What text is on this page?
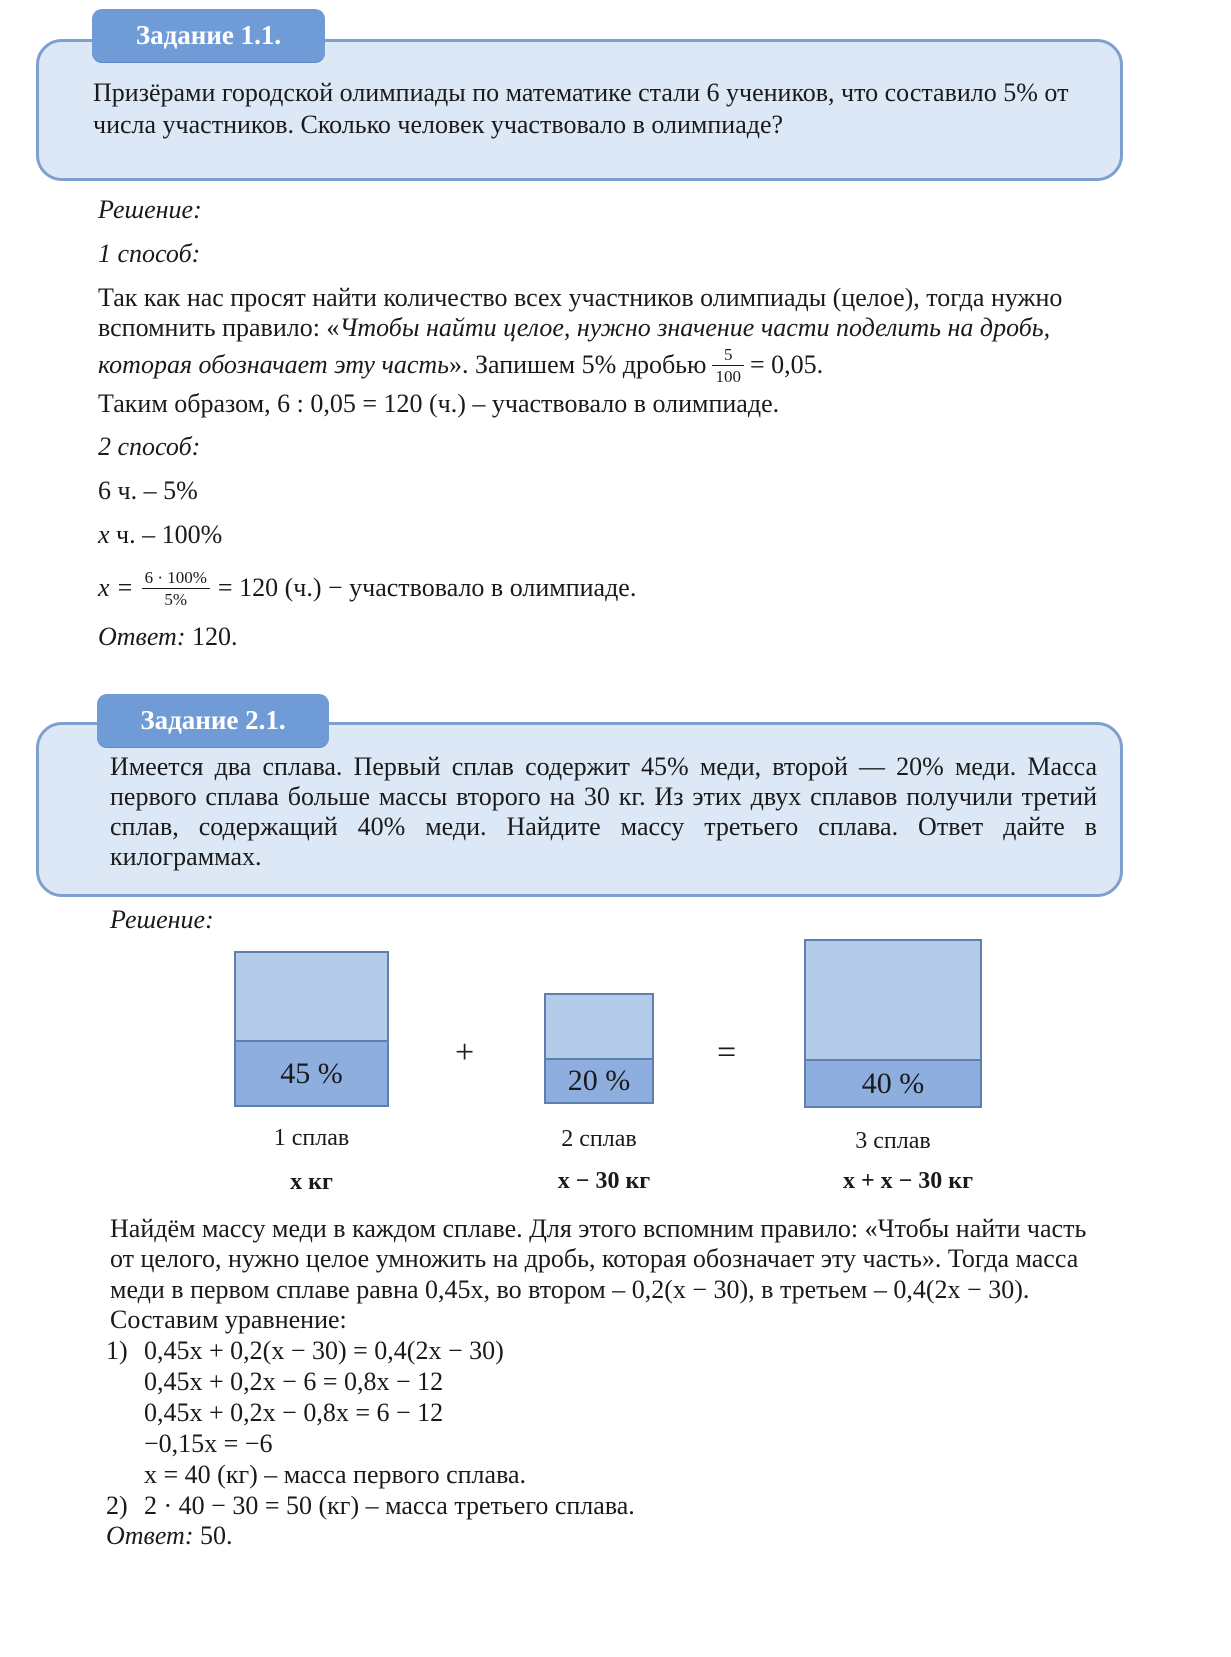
Задание 1.1.

Призёрами городской олимпиады по математике стали 6 учеников, что составило 5% от числа участников. Сколько человек участвовало в олимпиаде?

Решение:
1 способ:
Так как нас просят найти количество всех участников олимпиады (целое), тогда нужно
вспомнить правило: «Чтобы найти целое, нужно значение части поделить на дробь,
которая обозначает эту часть ». Запишем 5% дробью $\frac{5}{100} = 0,05$.
Таким образом, 6 : 0,05 = 120 (ч.) – участвовало в олимпиаде.
2 способ:
6 ч. – 5%
x ч. – 100%
$x = \frac{6 \cdot 100\%}{5\%} = 120$ (ч.) − участвовало в олимпиаде.
Ответ: 120.
Задание 2.1.

Имеется два сплава. Первый сплав содержит 45% меди, второй — 20% меди. Масса первого сплава больше массы второго на 30 кг. Из этих двух сплавов получили третий сплав, содержащий 40% меди. Найдите массу третьего сплава. Ответ дайте в килограммах.

Решение:
45 %
+
20 %
=
40 %
1 сплав	2 сплав	3 сплав
x кг	x − 30 кг	x + x − 30 кг
Найдём массу меди в каждом сплаве. Для этого вспомним правило: «Чтобы найти часть
от целого, нужно целое умножить на дробь, которая обозначает эту часть». Тогда масса
меди в первом сплаве равна 0,45x, во втором – 0,2(x − 30), в третьем – 0,4(2x − 30).
Составим уравнение:
1) 0,45x + 0,2(x − 30) = 0,4(2x − 30)
0,45x + 0,2x − 6 = 0,8x − 12
0,45x + 0,2x − 0,8x = 6 − 12
−0,15x = −6
x = 40 (кг) – масса первого сплава.
2) 2 · 40 − 30 = 50 (кг) – масса третьего сплава.
Ответ: 50.
